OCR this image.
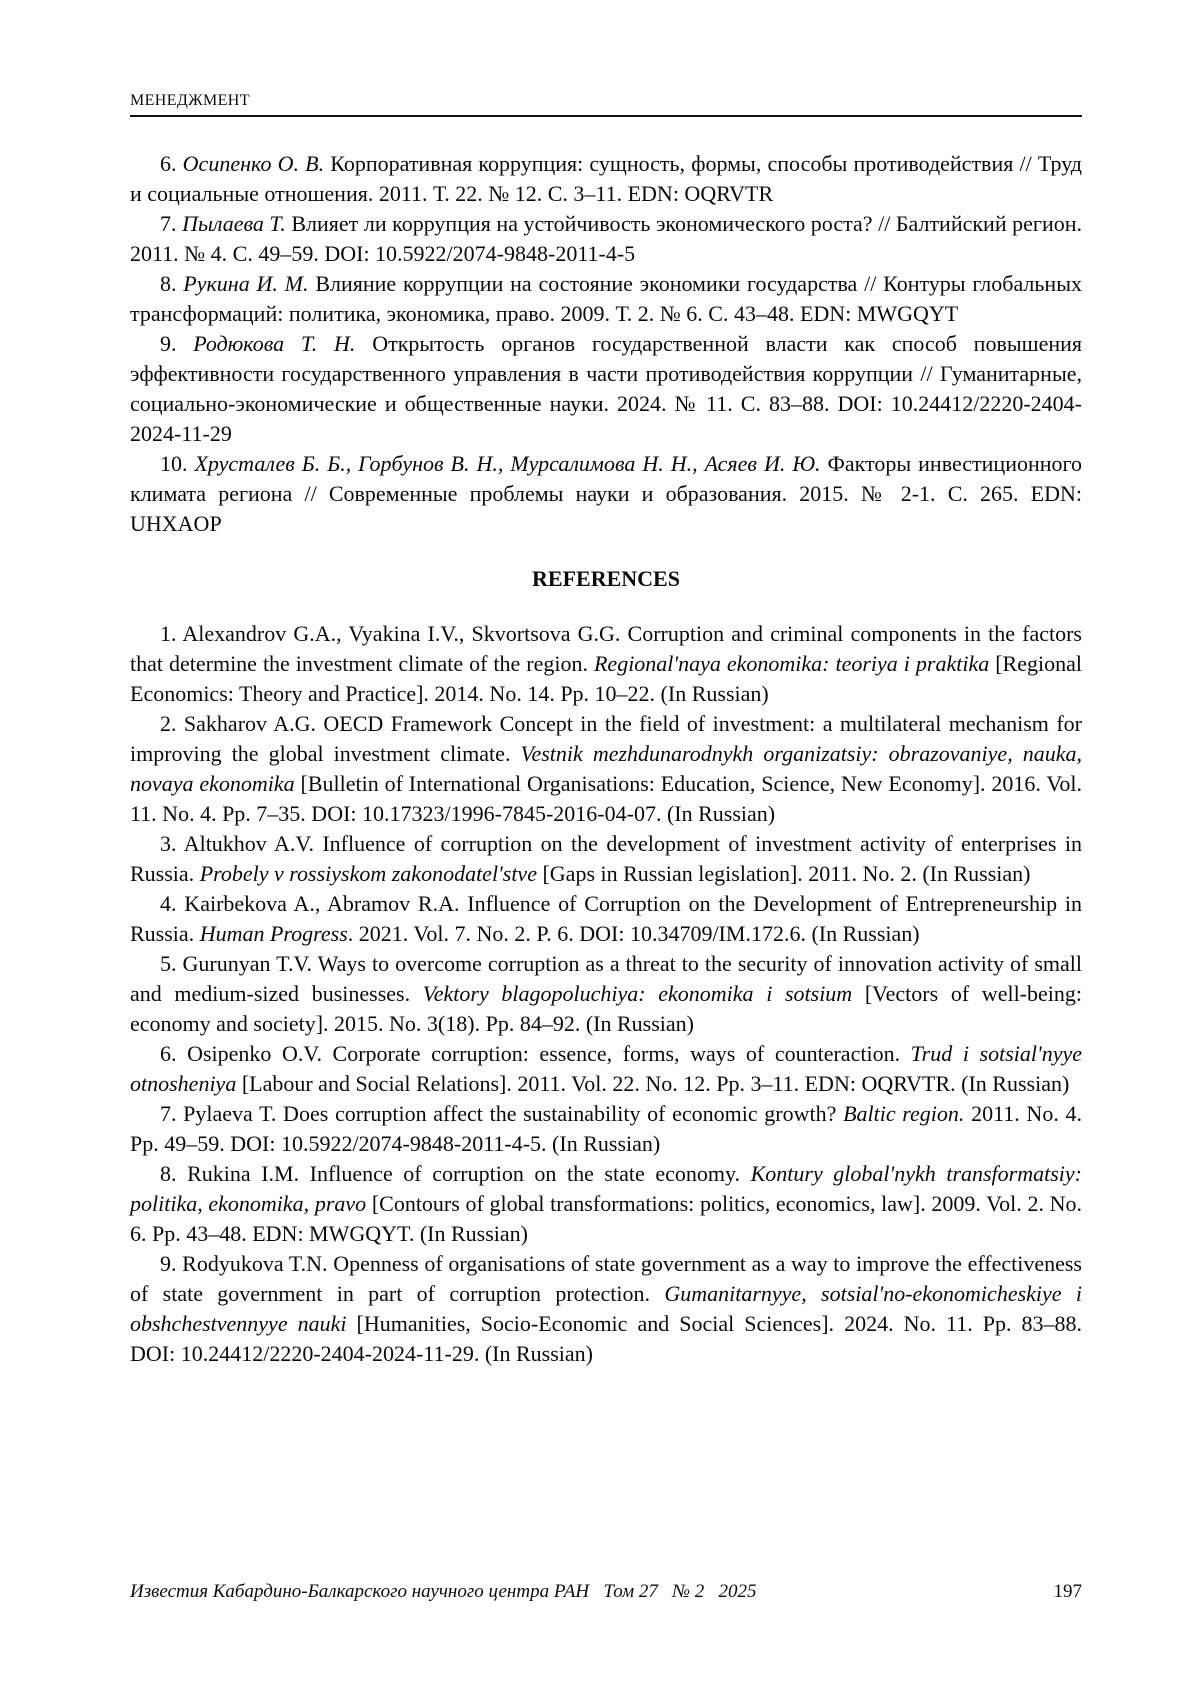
МЕНЕДЖМЕНТ

6. Осипенко О. В. Корпоративная коррупция: сущность, формы, способы противодействия // Труд и социальные отношения. 2011. Т. 22. № 12. С. 3–11. EDN: OQRVTR

7. Пылаева Т. Влияет ли коррупция на устойчивость экономического роста? // Балтийский регион. 2011. № 4. С. 49–59. DOI: 10.5922/2074-9848-2011-4-5

8. Рукина И. М. Влияние коррупции на состояние экономики государства // Контуры глобальных трансформаций: политика, экономика, право. 2009. Т. 2. № 6. С. 43–48. EDN: MWGQYT

9. Родюкова Т. Н. Открытость органов государственной власти как способ повышения эффективности государственного управления в части противодействия коррупции // Гуманитарные, социально-экономические и общественные науки. 2024. № 11. С. 83–88. DOI: 10.24412/2220-2404-2024-11-29

10. Хрусталев Б. Б., Горбунов В. Н., Мурсалимова Н. Н., Асяев И. Ю. Факторы инвестиционного климата региона // Современные проблемы науки и образования. 2015. № 2-1. С. 265. EDN: UHXAOP

REFERENCES

1. Alexandrov G.A., Vyakina I.V., Skvortsova G.G. Corruption and criminal components in the factors that determine the investment climate of the region. Regional'naya ekonomika: teoriya i praktika [Regional Economics: Theory and Practice]. 2014. No. 14. Pp. 10–22. (In Russian)

2. Sakharov A.G. OECD Framework Concept in the field of investment: a multilateral mechanism for improving the global investment climate. Vestnik mezhdunarodnykh organizatsiy: obrazovaniye, nauka, novaya ekonomika [Bulletin of International Organisations: Education, Science, New Economy]. 2016. Vol. 11. No. 4. Pp. 7–35. DOI: 10.17323/1996-7845-2016-04-07. (In Russian)

3. Altukhov A.V. Influence of corruption on the development of investment activity of enterprises in Russia. Probely v rossiyskom zakonodatel'stve [Gaps in Russian legislation]. 2011. No. 2. (In Russian)

4. Kairbekova A., Abramov R.A. Influence of Corruption on the Development of Entrepreneurship in Russia. Human Progress. 2021. Vol. 7. No. 2. P. 6. DOI: 10.34709/IM.172.6. (In Russian)

5. Gurunyan T.V. Ways to overcome corruption as a threat to the security of innovation activity of small and medium-sized businesses. Vektory blagopoluchiya: ekonomika i sotsium [Vectors of well-being: economy and society]. 2015. No. 3(18). Pp. 84–92. (In Russian)

6. Osipenko O.V. Corporate corruption: essence, forms, ways of counteraction. Trud i sotsial'nyye otnosheniya [Labour and Social Relations]. 2011. Vol. 22. No. 12. Pp. 3–11. EDN: OQRVTR. (In Russian)

7. Pylaeva T. Does corruption affect the sustainability of economic growth? Baltic region. 2011. No. 4. Pp. 49–59. DOI: 10.5922/2074-9848-2011-4-5. (In Russian)

8. Rukina I.M. Influence of corruption on the state economy. Kontury global'nykh transformatsiy: politika, ekonomika, pravo [Contours of global transformations: politics, economics, law]. 2009. Vol. 2. No. 6. Pp. 43–48. EDN: MWGQYT. (In Russian)

9. Rodyukova T.N. Openness of organisations of state government as a way to improve the effectiveness of state government in part of corruption protection. Gumanitarnyye, sotsial'no-ekonomicheskiye i obshchestvennyye nauki [Humanities, Socio-Economic and Social Sciences]. 2024. No. 11. Pp. 83–88. DOI: 10.24412/2220-2404-2024-11-29. (In Russian)

Известия Кабардино-Балкарского научного центра РАН   Том 27   № 2   2025	197
